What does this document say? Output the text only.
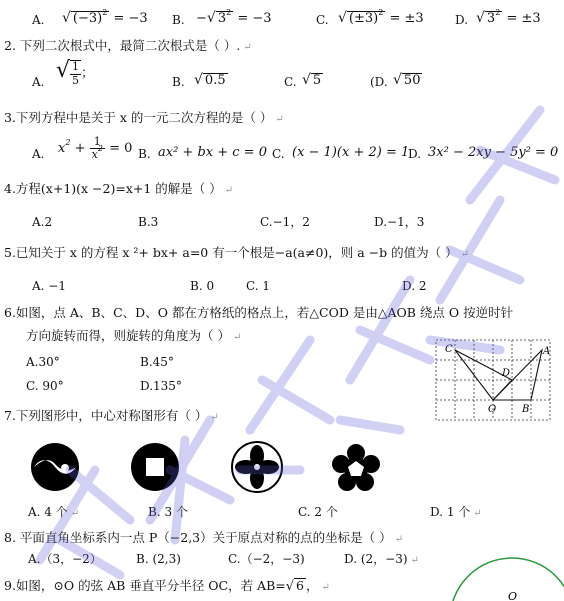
A. √ $(-3)^2 = -3$ B. −√ $3^2 = -3$	C. √ $(\pm 3)^2 = \pm 3$	D. √ $3^2 = \pm 3$
2. 下列二次根式中，最简二次根式是（ ）. ↵
A. √ $\frac{1}{5}$ ；
B. √ 0.5	C. √ 5	(D. √ 50
3.下列方程中是关于 x 的一元二次方程的是（ ） ↵
A. $x^2 + \frac{1}{x^2} = 0$ B. ax² + bx + c = 0 C. (x − 1)(x + 2) = 1
D. 3x² − 2xy − 5y² = 0
4.方程(x+1)(x −2)=x+1 的解是（ ） ↵
A.2	B.3	C.−1，2	D.−1，3
5.已知关于 x 的方程 x ²+ bx+ a=0 有一个根是−a(a≠0)，则 a −b 的值为（ ） ↵
A. −1	B. 0	C. 1	D. 2
6.如图，点 A、B、C、D、O 都在方格纸的格点上，若△COD 是由△AOB 绕点 O 按逆时针
方向旋转而得，则旋转的角度为（ ） ↵
A.30°	B.45°
C. 90°	D.135°
C	A
D
O	B
7.下列图形中，中心对称图形有（ ） ↵
A. 4 个 ↵	B. 3 个	C. 2 个	D. 1 个 ↵
8. 平面直角坐标系内一点 P（−2,3）关于原点对称的点的坐标是（ ） ↵
A.（3，−2）	B. (2,3)	C.（−2，−3)	D. (2，−3) ↵
9.如图，⊙O 的弦 AB 垂直平分半径 OC，若 AB=√ 6 ， ↵
O
